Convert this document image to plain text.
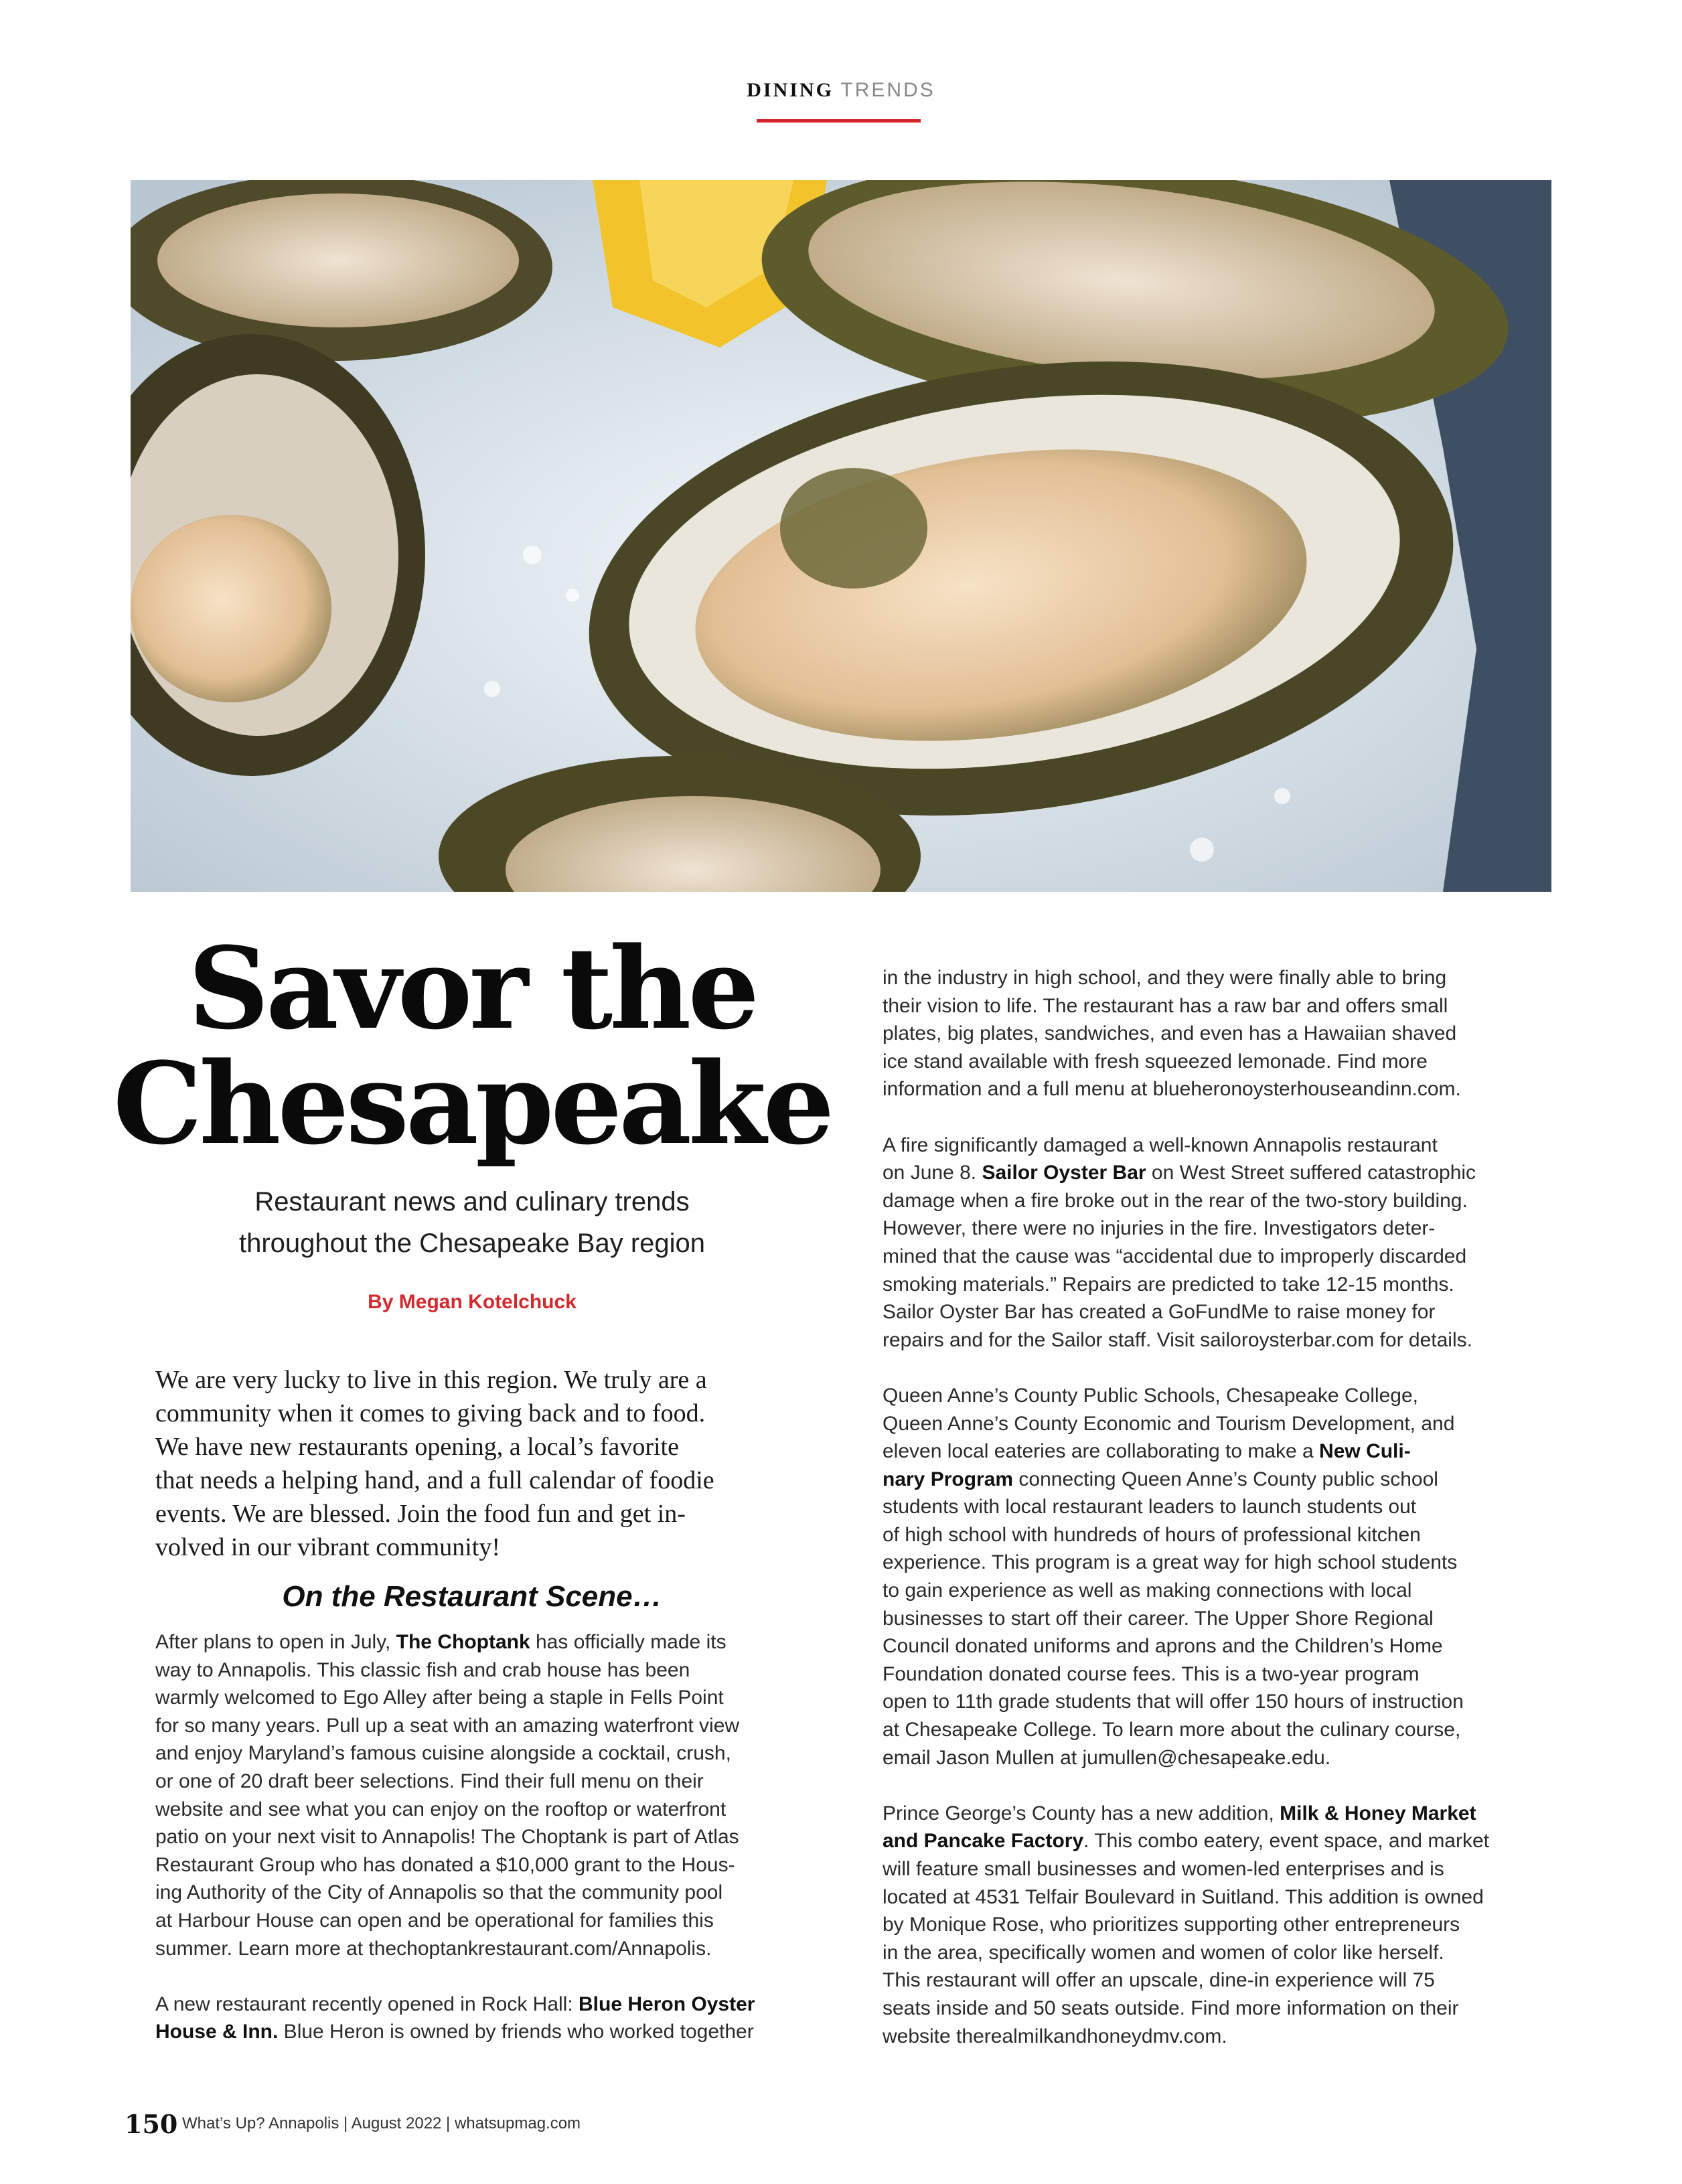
DINING TRENDS
Savor the
Chesapeake
Restaurant news and culinary trends
throughout the Chesapeake Bay region
By Megan Kotelchuck
We are very lucky to live in this region. We truly are a
community when it comes to giving back and to food.
We have new restaurants opening, a local’s favorite
that needs a helping hand, and a full calendar of foodie
events. We are blessed. Join the food fun and get in-
volved in our vibrant community!
On the Restaurant Scene…
After plans to open in July, The Choptank has officially made its
way to Annapolis. This classic fish and crab house has been
warmly welcomed to Ego Alley after being a staple in Fells Point
for so many years. Pull up a seat with an amazing waterfront view
and enjoy Maryland’s famous cuisine alongside a cocktail, crush,
or one of 20 draft beer selections. Find their full menu on their
website and see what you can enjoy on the rooftop or waterfront
patio on your next visit to Annapolis! The Choptank is part of Atlas
Restaurant Group who has donated a $10,000 grant to the Hous-
ing Authority of the City of Annapolis so that the community pool
at Harbour House can open and be operational for families this
summer. Learn more at thechoptankrestaurant.com/Annapolis.
A new restaurant recently opened in Rock Hall: Blue Heron Oyster
House & Inn. Blue Heron is owned by friends who worked together
in the industry in high school, and they were finally able to bring
their vision to life. The restaurant has a raw bar and offers small
plates, big plates, sandwiches, and even has a Hawaiian shaved
ice stand available with fresh squeezed lemonade. Find more
information and a full menu at blueheronoysterhouseandinn.com.
A fire significantly damaged a well-known Annapolis restaurant
on June 8. Sailor Oyster Bar on West Street suffered catastrophic
damage when a fire broke out in the rear of the two-story building.
However, there were no injuries in the fire. Investigators deter-
mined that the cause was “accidental due to improperly discarded
smoking materials.” Repairs are predicted to take 12-15 months.
Sailor Oyster Bar has created a GoFundMe to raise money for
repairs and for the Sailor staff. Visit sailoroysterbar.com for details.
Queen Anne’s County Public Schools, Chesapeake College,
Queen Anne’s County Economic and Tourism Development, and
eleven local eateries are collaborating to make a New Culi-
nary Program connecting Queen Anne’s County public school
students with local restaurant leaders to launch students out
of high school with hundreds of hours of professional kitchen
experience. This program is a great way for high school students
to gain experience as well as making connections with local
businesses to start off their career. The Upper Shore Regional
Council donated uniforms and aprons and the Children’s Home
Foundation donated course fees. This is a two-year program
open to 11th grade students that will offer 150 hours of instruction
at Chesapeake College. To learn more about the culinary course,
email Jason Mullen at jumullen@chesapeake.edu.
Prince George’s County has a new addition, Milk & Honey Market
and Pancake Factory. This combo eatery, event space, and market
will feature small businesses and women-led enterprises and is
located at 4531 Telfair Boulevard in Suitland. This addition is owned
by Monique Rose, who prioritizes supporting other entrepreneurs
in the area, specifically women and women of color like herself.
This restaurant will offer an upscale, dine-in experience will 75
seats inside and 50 seats outside. Find more information on their
website therealmilkandhoneydmv.com.
150 What’s Up? Annapolis | August 2022 | whatsupmag.com
